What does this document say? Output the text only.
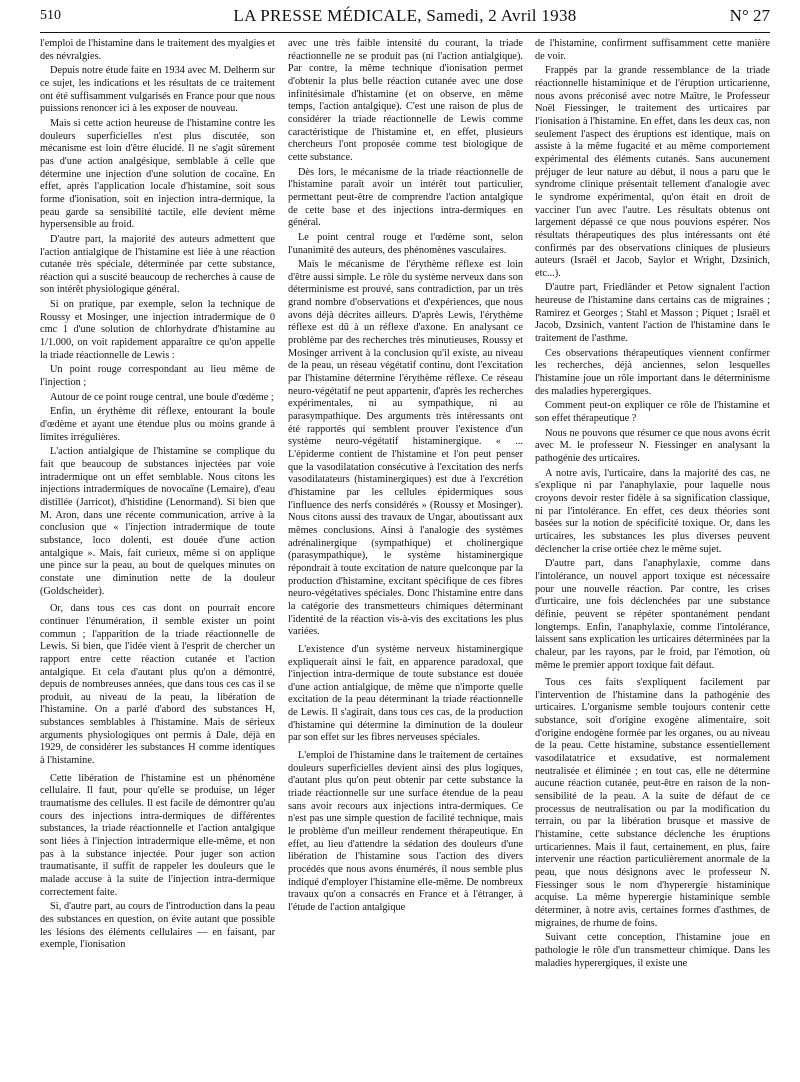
510	LA PRESSE MÉDICALE, Samedi, 2 Avril 1938	N° 27

l'emploi de l'histamine dans le traitement des myalgies et des névralgies.

Depuis notre étude faite en 1934 avec M. Delherm sur ce sujet, les indications et les résultats de ce traitement ont été suffisamment vulgarisés en France pour que nous puissions renoncer ici à les exposer de nouveau.

Mais si cette action heureuse de l'histamine contre les douleurs superficielles n'est plus discutée, son mécanisme est loin d'être élucidé. Il ne s'agit sûrement pas d'une action analgésique, semblable à celle que détermine une injection d'une solution de cocaïne. En effet, après l'application locale d'histamine, soit sous forme d'ionisation, soit en injection intra-dermique, la peau garde sa sensibilité tactile, elle devient même hypersensible au froid.

D'autre part, la majorité des auteurs admettent que l'action antialgique de l'histamine est liée à une réaction cutanée très spéciale, déterminée par cette substance, réaction qui a suscité beaucoup de recherches à cause de son intérêt physiologique général.

Si on pratique, par exemple, selon la technique de Roussy et Mosinger, une injection intradermique de 0 cmc 1 d'une solution de chlorhydrate d'histamine au 1/1.000, on voit rapidement apparaître ce qu'on appelle la triade réactionnelle de Lewis :

Un point rouge correspondant au lieu même de l'injection ;

Autour de ce point rouge central, une boule d'œdème ;

Enfin, un érythème dit réflexe, entourant la boule d'œdème et ayant une étendue plus ou moins grande à limites irrégulières.

L'action antialgique de l'histamine se complique du fait que beaucoup de substances injectées par voie intradermique ont un effet semblable. Nous citons les injections intradermiques de novocaïne (Lemaire), d'eau distillée (Jarricot), d'histidine (Lenormand). Si bien que M. Aron, dans une récente communication, arrive à la conclusion que « l'injection intradermique de toute substance, loco dolenti, est douée d'une action antalgique ». Mais, fait curieux, même si on applique une pince sur la peau, au bout de quelques minutes on constate une diminution nette de la douleur (Goldscheider).

Or, dans tous ces cas dont on pourrait encore continuer l'énumération, il semble exister un point commun ; l'apparition de la triade réactionnelle de Lewis. Si bien, que l'idée vient à l'esprit de chercher un rapport entre cette réaction cutanée et l'action antalgique. Et cela d'autant plus qu'on a démontré, depuis de nombreuses années, que dans tous ces cas il se produit, au niveau de la peau, la libération de l'histamine. On a parlé d'abord des substances H, substances semblables à l'histamine. Mais de sérieux arguments physiologiques ont permis à Dale, déjà en 1929, de considérer les substances H comme identiques à l'histamine.

Cette libération de l'histamine est un phénomène cellulaire. Il faut, pour qu'elle se produise, un léger traumatisme des cellules. Il est facile de démontrer qu'au cours des injections intra-dermiques de différentes substances, la triade réactionnelle et l'action antalgique sont liées à l'injection intradermique elle-même, et non pas à la substance injectée. Pour juger son action traumatisante, il suffit de rappeler les douleurs que le malade accuse à la suite de l'injection intra-dermique correctement faite.

Si, d'autre part, au cours de l'introduction dans la peau des substances en question, on évite autant que possible les lésions des éléments cellulaires — en faisant, par exemple, l'ionisation

avec une très faible intensité du courant, la triade réactionnelle ne se produit pas (ni l'action antialgique). Par contre, la même technique d'ionisation permet d'obtenir la plus belle réaction cutanée avec une dose infinitésimale d'histamine (et on observe, en même temps, l'action antalgique). C'est une raison de plus de considérer la triade réactionnelle de Lewis comme caractéristique de l'histamine et, en effet, plusieurs chercheurs l'ont proposée comme test biologique de cette substance.

Dès lors, le mécanisme de la triade réactionnelle de l'histamine paraît avoir un intérêt tout particulier, permettant peut-être de comprendre l'action antalgique de cette base et des injections intra-dermiques en général.

Le point central rouge et l'œdème sont, selon l'unanimité des auteurs, des phénomènes vasculaires.

Mais le mécanisme de l'érythème réflexe est loin d'être aussi simple. Le rôle du système nerveux dans son déterminisme est prouvé, sans contradiction, par un très grand nombre d'observations et d'expériences, que nous avons déjà décrites ailleurs. D'après Lewis, l'érythème réflexe est dû à un réflexe d'axone. En analysant ce problème par des recherches très minutieuses, Roussy et Mosinger arrivent à la conclusion qu'il existe, au niveau de la peau, un réseau végétatif continu, dont l'excitation par l'histamine détermine l'érythème réflexe. Ce réseau neuro-végétatif ne peut appartenir, d'après les recherches expérimentales, ni au sympathique, ni au parasympathique. Des arguments très intéressants ont été rapportés qui semblent prouver l'existence d'un système neuro-végétatif histaminergique. « ... L'épiderme contient de l'histamine et l'on peut penser que la vasodilatation consécutive à l'excitation des nerfs vasodilatateurs (histaminergiques) est due à l'excrétion d'histamine par les cellules épidermiques sous l'influence des nerfs considérés » (Roussy et Mosinger). Nous citons aussi des travaux de Ungar, aboutissant aux mêmes conclusions. Ainsi à l'analogie des systèmes adrénalinergique (sympathique) et cholinergique (parasympathique), le système histaminergique répondrait à toute excitation de nature quelconque par la production d'histamine, excitant spécifique de ces fibres neuro-végétatives spéciales. Donc l'histamine entre dans la catégorie des transmetteurs chimiques déterminant l'identité de la réaction vis-à-vis des excitations les plus variées.

L'existence d'un système nerveux histaminergique expliquerait ainsi le fait, en apparence paradoxal, que l'injection intra-dermique de toute substance est douée d'une action antialgique, de même que n'importe quelle excitation de la peau déterminant la triade réactionnelle de Lewis. Il s'agirait, dans tous ces cas, de la production d'histamine qui détermine la diminution de la douleur par son effet sur les fibres nerveuses spéciales.

L'emploi de l'histamine dans le traitement de certaines douleurs superficielles devient ainsi des plus logiques, d'autant plus qu'on peut obtenir par cette substance la triade réactionnelle sur une surface étendue de la peau sans avoir recours aux injections intra-dermiques. Ce n'est pas une simple question de facilité technique, mais le problème d'un meilleur rendement thérapeutique. En effet, au lieu d'attendre la sédation des douleurs d'une libération de l'histamine sous l'action des divers procédés que nous avons énumérés, il nous semble plus indiqué d'employer l'histamine elle-même. De nombreux travaux qu'on a consacrés en France et à l'étranger, à l'étude de l'action antalgique

de l'histamine, confirment suffisamment cette manière de voir.

Frappés par la grande ressemblance de la triade réactionnelle histaminique et de l'éruption urticarienne, nous avons préconisé avec notre Maître, le Professeur Noël Fiessinger, le traitement des urticaires par l'ionisation à l'histamine. En effet, dans les deux cas, non seulement l'aspect des éruptions est identique, mais on assiste à la même fugacité et au même comportement expérimental des éléments cutanés. Sans aucunement préjuger de leur nature au début, il nous a paru que le syndrome clinique présentait tellement d'analogie avec le syndrome expérimental, qu'on était en droit de vacciner l'un avec l'autre. Les résultats obtenus ont largement dépassé ce que nous pouvions espérer. Nos résultats thérapeutiques des plus intéressants ont été confirmés par des observations cliniques de plusieurs auteurs (Israël et Jacob, Saylor et Wright, Dzsinich, etc...).

D'autre part, Friedländer et Petow signalent l'action heureuse de l'histamine dans certains cas de migraines ; Ramirez et Georges ; Stahl et Masson ; Piquet ; Israël et Jacob, Dzsinich, vantent l'action de l'histamine dans le traitement de l'asthme.

Ces observations thérapeutiques viennent confirmer les recherches, déjà anciennes, selon lesquelles l'histamine joue un rôle important dans le déterminisme des maladies hyperergiques.

Comment peut-on expliquer ce rôle de l'histamine et son effet thérapeutique ?

Nous ne pouvons que résumer ce que nous avons écrit avec M. le professeur N. Fiessinger en analysant la pathogénie des urticaires.

A notre avis, l'urticaire, dans la majorité des cas, ne s'explique ni par l'anaphylaxie, pour laquelle nous croyons devoir rester fidèle à sa signification classique, ni par l'intolérance. En effet, ces deux théories sont basées sur la notion de spécificité toxique. Or, dans les urticaires, les substances les plus diverses peuvent déclencher la crise ortiée chez le même sujet.

D'autre part, dans l'anaphylaxie, comme dans l'intolérance, un nouvel apport toxique est nécessaire pour une nouvelle réaction. Par contre, les crises d'urticaire, une fois déclenchées par une substance définie, peuvent se répéter spontanément pendant longtemps. Enfin, l'anaphylaxie, comme l'intolérance, laissent sans explication les urticaires déterminées par la chaleur, par les rayons, par le froid, par l'émotion, où même le premier apport toxique fait défaut.

Tous ces faits s'expliquent facilement par l'intervention de l'histamine dans la pathogénie des urticaires. L'organisme semble toujours contenir cette substance, soit d'origine exogène alimentaire, soit d'origine endogène formée par les organes, ou au niveau de la peau. Cette histamine, substance essentiellement vasodilatatrice et exsudative, est normalement neutralisée et éliminée ; en tout cas, elle ne détermine aucune réaction cutanée, peut-être en raison de la non-sensibilité de la peau. A la suite de défaut de ce processus de neutralisation ou par la modification du terrain, ou par la libération brusque et massive de l'histamine, cette substance déclenche les éruptions urticariennes. Mais il faut, certainement, en plus, faire intervenir une réaction particulièrement anormale de la peau, que nous désignons avec le professeur N. Fiessinger sous le nom d'hyperergie histaminique acquise. La même hyperergie histaminique semble déterminer, à notre avis, certaines formes d'asthmes, de migraines, de rhume de foins.

Suivant cette conception, l'histamine joue en pathologie le rôle d'un transmetteur chimique. Dans les maladies hyperergiques, il existe une
